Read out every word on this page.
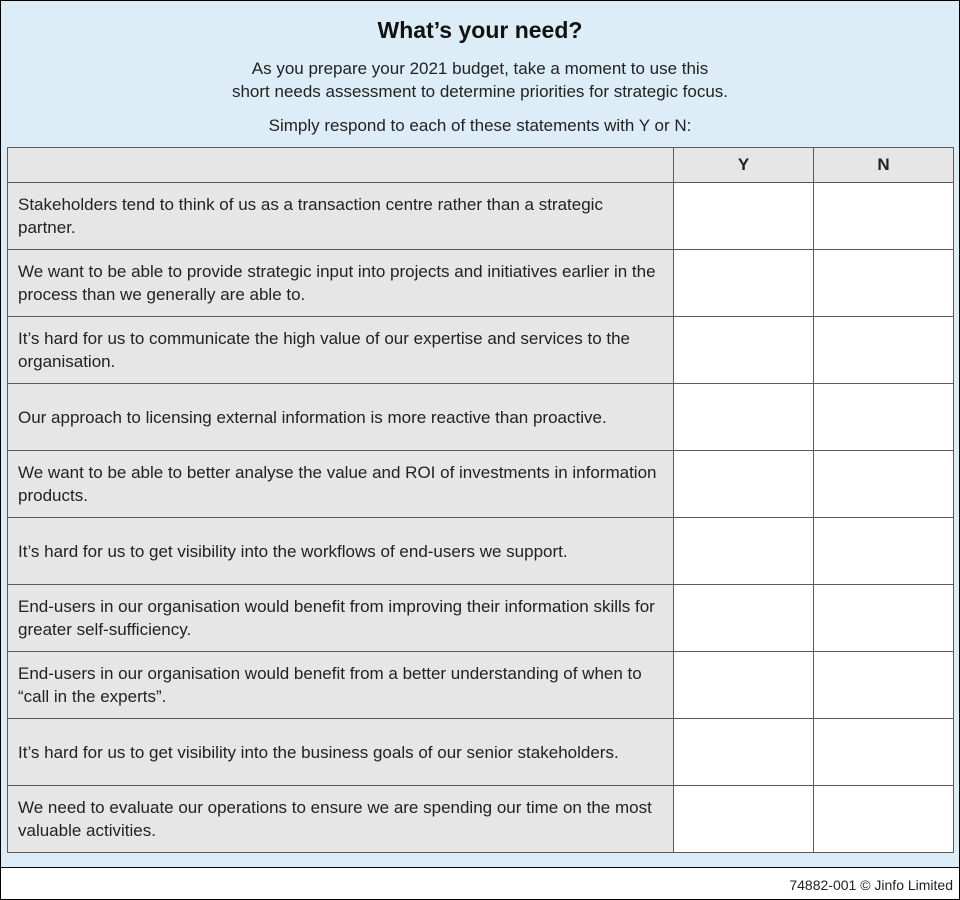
What’s your need?
As you prepare your 2021 budget, take a moment to use this
short needs assessment to determine priorities for strategic focus.
Simply respond to each of these statements with Y or N:
	Y	N
Stakeholders tend to think of us as a transaction centre rather than a strategic partner.		
We want to be able to provide strategic input into projects and initiatives earlier in the process than we generally are able to.		
It’s hard for us to communicate the high value of our expertise and services to the organisation.		
Our approach to licensing external information is more reactive than proactive.		
We want to be able to better analyse the value and ROI of investments in information products.		
It’s hard for us to get visibility into the workflows of end-users we support.		
End-users in our organisation would benefit from improving their information skills for greater self-sufficiency.		
End-users in our organisation would benefit from a better understanding of when to “call in the experts”.		
It’s hard for us to get visibility into the business goals of our senior stakeholders.		
We need to evaluate our operations to ensure we are spending our time on the most valuable activities.		
74882-001 © Jinfo Limited
